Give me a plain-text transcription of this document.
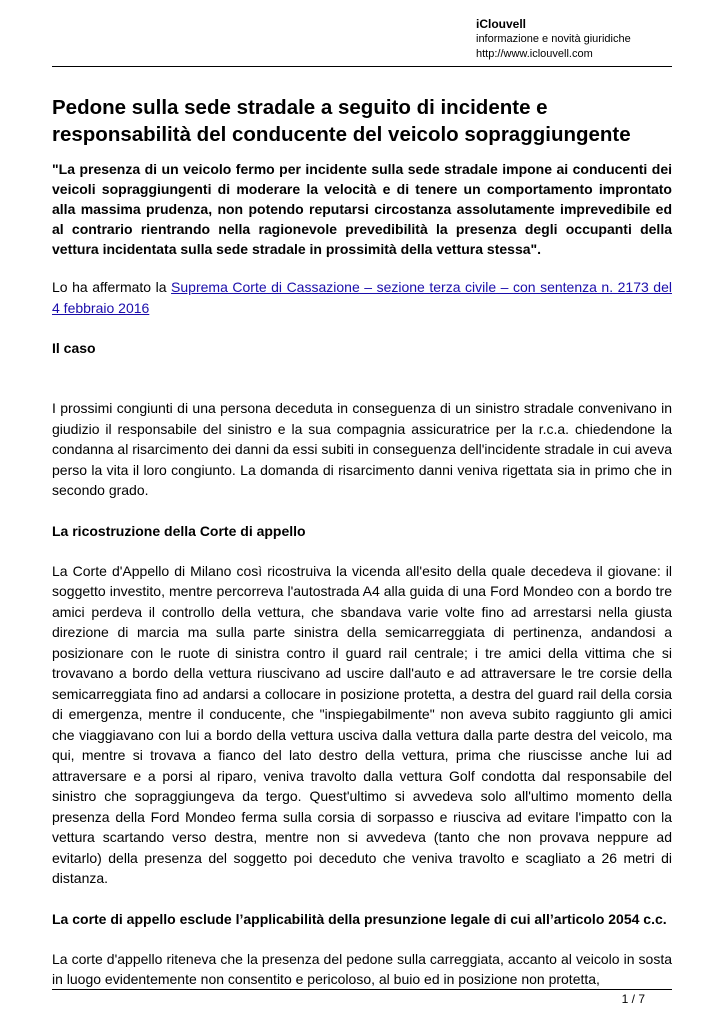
iClouvell
informazione e novità giuridiche
http://www.iclouvell.com
Pedone sulla sede stradale a seguito di incidente e responsabilità del conducente del veicolo sopraggiungente

"La presenza di un veicolo fermo per incidente sulla sede stradale impone ai conducenti dei veicoli sopraggiungenti di moderare la velocità e di tenere un comportamento improntato alla massima prudenza, non potendo reputarsi circostanza assolutamente imprevedibile ed al contrario rientrando nella ragionevole prevedibilità la presenza degli occupanti della vettura incidentata sulla sede stradale in prossimità della vettura stessa".

Lo ha affermato la Suprema Corte di Cassazione – sezione terza civile – con sentenza n. 2173 del 4 febbraio 2016

Il caso

I prossimi congiunti di una persona deceduta in conseguenza di un sinistro stradale convenivano in giudizio il responsabile del sinistro e la sua compagnia assicuratrice per la r.c.a. chiedendone la condanna al risarcimento dei danni da essi subiti in conseguenza dell'incidente stradale in cui aveva perso la vita il loro congiunto. La domanda di risarcimento danni veniva rigettata sia in primo che in secondo grado.

La ricostruzione della Corte di appello

La Corte d'Appello di Milano così ricostruiva la vicenda all'esito della quale decedeva il giovane: il soggetto investito, mentre percorreva l'autostrada A4 alla guida di una Ford Mondeo con a bordo tre amici perdeva il controllo della vettura, che sbandava varie volte fino ad arrestarsi nella giusta direzione di marcia ma sulla parte sinistra della semicarreggiata di pertinenza, andandosi a posizionare con le ruote di sinistra contro il guard rail centrale; i tre amici della vittima che si trovavano a bordo della vettura riuscivano ad uscire dall'auto e ad attraversare le tre corsie della semicarreggiata fino ad andarsi a collocare in posizione protetta, a destra del guard rail della corsia di emergenza, mentre il conducente, che "inspiegabilmente" non aveva subito raggiunto gli amici che viaggiavano con lui a bordo della vettura usciva dalla vettura dalla parte destra del veicolo, ma qui, mentre si trovava a fianco del lato destro della vettura, prima che riuscisse anche lui ad attraversare e a porsi al riparo, veniva travolto dalla vettura Golf condotta dal responsabile del sinistro che sopraggiungeva da tergo. Quest'ultimo si avvedeva solo all'ultimo momento della presenza della Ford Mondeo ferma sulla corsia di sorpasso e riusciva ad evitare l'impatto con la vettura scartando verso destra, mentre non si avvedeva (tanto che non provava neppure ad evitarlo) della presenza del soggetto poi deceduto che veniva travolto e scagliato a 26 metri di distanza.

La corte di appello esclude l’applicabilità della presunzione legale di cui all’articolo 2054 c.c.

La corte d'appello riteneva che la presenza del pedone sulla carreggiata, accanto al veicolo in sosta in luogo evidentemente non consentito e pericoloso, al buio ed in posizione non protetta,

1 / 7
